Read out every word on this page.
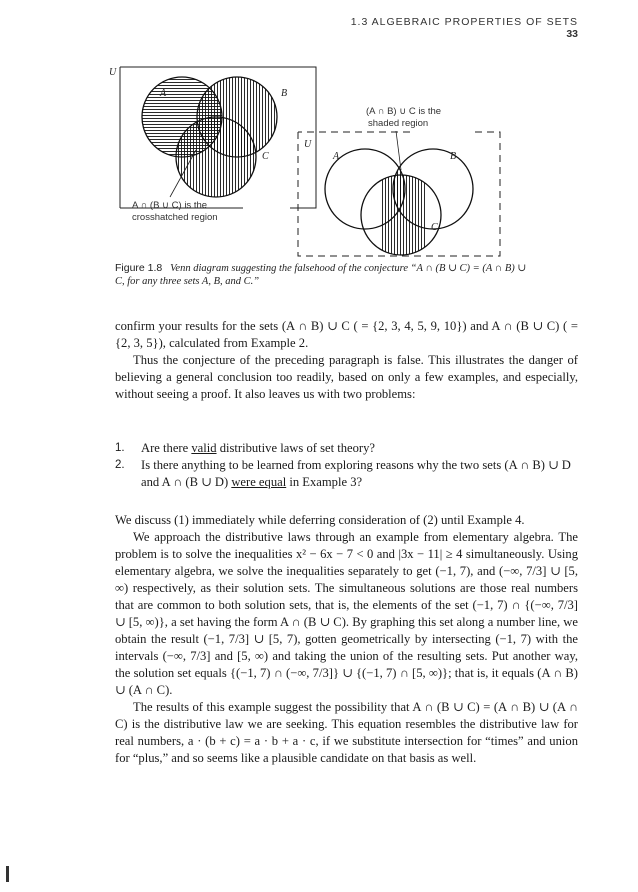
1.3 ALGEBRAIC PROPERTIES OF SETS 33
U
A	B
C
A ∩ (B ∪ C) is the
crosshatched region
U
A	B
C
(A ∩ B) ∪ C is the
shaded region
Figure 1.8 Venn diagram suggesting the falsehood of the conjecture “A ∩ (B ∪ C) = (A ∩ B) ∪ C, for any three sets A, B, and C.”

confirm your results for the sets (A ∩ B) ∪ C ( = {2, 3, 4, 5, 9, 10}) and A ∩ (B ∪ C) ( = {2, 3, 5}), calculated from Example 2.

Thus the conjecture of the preceding paragraph is false. This illustrates the danger of believing a general conclusion too readily, based on only a few examples, and especially, without seeing a proof. It also leaves us with two problems:

1. Are there valid distributive laws of set theory?
2. Is there anything to be learned from exploring reasons why the two sets (A ∩ B) ∪ D and A ∩ (B ∪ D) were equal in Example 3?

We discuss (1) immediately while deferring consideration of (2) until Example 4.

We approach the distributive laws through an example from elementary algebra. The problem is to solve the inequalities x² − 6x − 7 < 0 and |3x − 11| ≥ 4 simultaneously. Using elementary algebra, we solve the inequalities separately to get (−1, 7), and (−∞, 7/3] ∪ [5, ∞) respectively, as their solution sets. The simultaneous solutions are those real numbers that are common to both solution sets, that is, the elements of the set (−1, 7) ∩ {(−∞, 7/3] ∪ [5, ∞)}, a set having the form A ∩ (B ∪ C). By graphing this set along a number line, we obtain the result (−1, 7/3] ∪ [5, 7), gotten geometrically by intersecting (−1, 7) with the intervals (−∞, 7/3] and [5, ∞) and taking the union of the resulting sets. Put another way, the solution set equals {(−1, 7) ∩ (−∞, 7/3]} ∪ {(−1, 7) ∩ [5, ∞)}; that is, it equals (A ∩ B) ∪ (A ∩ C).

The results of this example suggest the possibility that A ∩ (B ∪ C) = (A ∩ B) ∪ (A ∩ C) is the distributive law we are seeking. This equation resembles the distributive law for real numbers, a · (b + c) = a · b + a · c, if we substitute intersection for “times” and union for “plus,” and so seems like a plausible candidate on that basis as well.
